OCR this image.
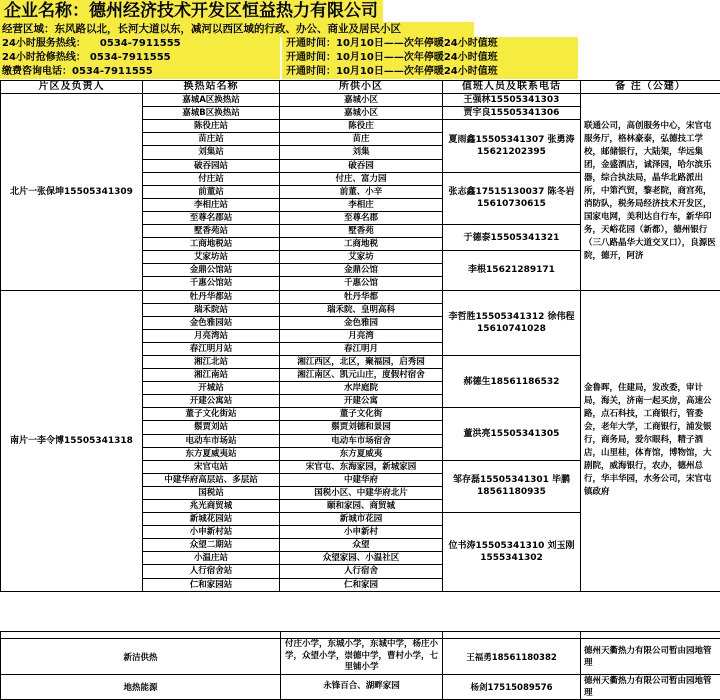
企业名称：德州经济技术开发区恒益热力有限公司
经营区域：东风路以北，长河大道以东，减河以西区域的行政、办公、商业及居民小区
24小时服务热线： 0534-7911555	开通时间：10月10日——次年停暖24小时值班
24小时抢修热线： 0534-7911555	开通时间：10月10日——次年停暖24小时值班
缴费咨询电话：0534-7911555	开通时间：10月10日——次年停暖24小时值班
片区及负责人	换热站名称	所供小区	值班人员及联系电话	备 注（公建）
北片一张保坤15505341309	嘉城A区换热站	嘉城小区	王强林15505341303	联通公司，高创服务中心，宋官屯服务厅，格林豪泰，弘德技工学校，邮储银行，大陆架，华远集团，金盛酒店，诚泽园，哈尔滨乐器，综合执法局，晶华北路派出所，中第汽贸，黎老院，商宫苑，消防队，税务局经济技术开发区，国家电网，美利达自行车，新华印务，天峪花园（新都），德州银行（三八路晶华大道交叉口），良源医院，德开，阿济
	嘉城B区换热站	嘉城小区	贾宇良15505341306	
	陈役庄站	陈役庄	夏雨鑫15505341307 张勇涛15621202395	
	苗庄站	苗庄		
	刘集站	刘集		
	破吞园站	破吞园		
	付庄站	付庄、富力园	张志鑫17515130037 陈冬岩15610730615	
	前董站	前董、小辛		
	李相庄站	李相庄		
	至尊名郡站	至尊名郡		
	墅香苑站	墅香苑	于德泰15505341321	
	工商地税站	工商地税		
	艾家坊站	艾家坊	李根15621289171	
	金鼎公馆站	金鼎公馆		
	千惠公馆站	千惠公馆		
南片一李令博15505341318	牡丹华都站	牡丹华都	李哲胜15505341312 徐伟程15610741028	金鲁晖，住建局，发改委，审计局，海关，济南一起买房，高速公路，点石科技，工商银行，管委会，老年大学，工商银行，浦发银行，商务局，爱尔眼科，精子酒店，山里桂，体育馆，博物馆，大剧院，威海银行，农办，德州总行，华丰华园，水务公司，宋官屯镇政府
	瑞禾院站	瑞禾院、皇明高科		
	金色雅园站	金色雅园		
	月亮湾站	月亮湾		
	春江明月站	春江明月		
	湘江北站	湘江西区，北区，聚福园，启秀园	郝德生18561186532	
	湘江南站	湘江南区、凯元山庄，度假村宿舍		
	开城站	水岸庭院		
	开建公寓站	开建公寓		
	董子文化街站	董子文化街	董洪亮15505341305	
	鬃贾刘站	鬃贾刘德和景园		
	电动车市场站	电动车市场宿舍		
	东方夏威夷站	东方夏威夷		
	宋官屯站	宋官屯、东海家园，新城家园	邹存磊15505341301 毕鹏18561180935	
	中建华府高层站、多层站	中建华府		
	国税站	国税小区、中建华府北片		
	兆光商贸城	颐和家园、商贸城		
	新城花园站	新城市花园	位书涛15505341310 刘玉刚1555341302	
	小申新村站	小申新村		
	众望二期站	众望		
	小温庄站	众望家园、小温社区		
	人行宿舍站	人行宿舍		
	仁和家园站	仁和家园		

新洁供热	付庄小学，东城小学，东城中学，杨庄小学，众望小学，崇德中学，曹村小学，七里铺小学	王福勇18561180382	德州天衢热力有限公司暂由园地管理
地热能源	永锋百合、湖畔家园	杨剑17515089576	德州天衢热力有限公司暂由园地管理
